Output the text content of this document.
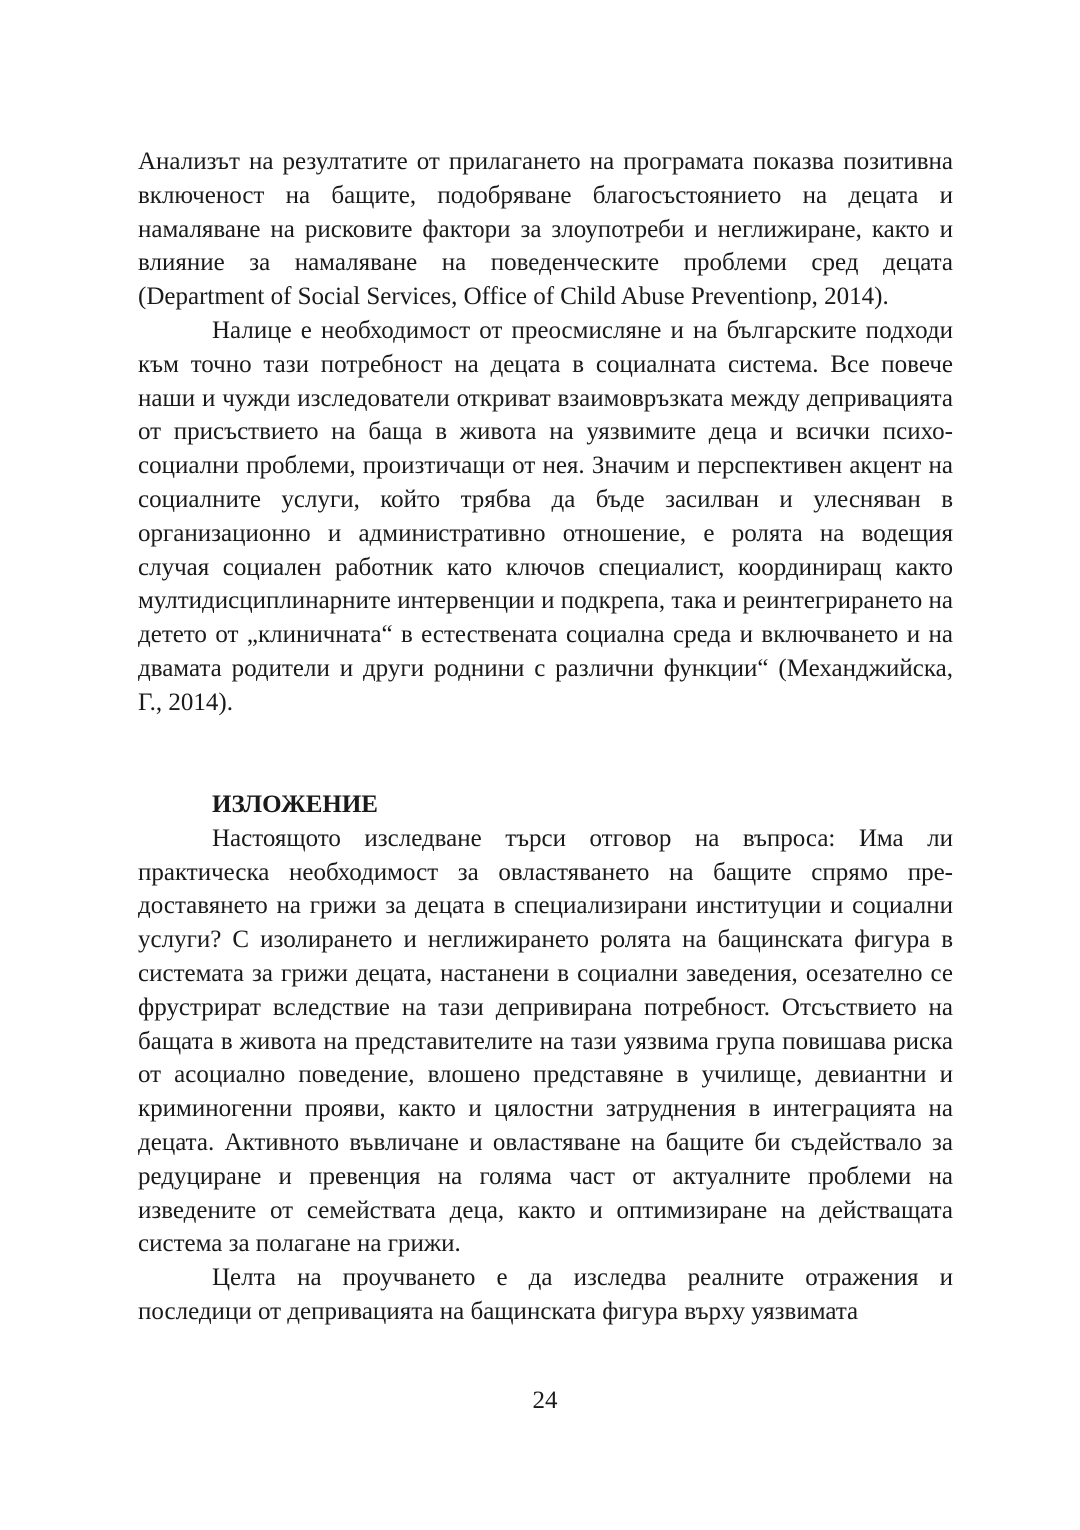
Анализът на резултатите от прилагането на програмата показва позитивна включеност на бащите, подобряване благосъстоянието на децата и намаляване на рисковите фактори за злоупотреби и неглижиране, както и влияние за намаляване на поведенческите проблеми сред децата (Department of Social Services, Office of Child Abuse Preventionp, 2014).

Налице е необходимост от преосмисляне и на българските подходи към точно тази потребност на децата в социалната система. Все повече наши и чужди изследователи откриват взаимовръзката между депривацията от присъствието на баща в живота на уязвимите деца и всички психо-социални проблеми, произтичащи от нея. Значим и перспективен акцент на социалните услуги, който трябва да бъде засилван и улесняван в организационно и административно отношение, е ролята на водещия случая социален работник като ключов специалист, координиращ както мултидисциплинарните интервенции и подкрепа, така и реинтегрирането на детето от „клиничната“ в естествената социална среда и включването и на двамата родители и други роднини с различни функции“ (Механджийска, Г., 2014).

ИЗЛОЖЕНИЕ

Настоящото изследване търси отговор на въпроса: Има ли практическа необходимост за овластяването на бащите спрямо предоставянето на грижи за децата в специализирани институции и социални услуги? С изолирането и неглижирането ролята на бащинската фигура в системата за грижи децата, настанени в социални заведения, осезателно се фрустрират вследствие на тази депривирана потребност. Отсъствието на бащата в живота на представителите на тази уязвима група повишава риска от асоциално поведение, влошено представяне в училище, девиантни и криминогенни прояви, както и цялостни затруднения в интеграцията на децата. Активното въвличане и овластяване на бащите би съдействало за редуциране и превенция на голяма част от актуалните проблеми на изведените от семействата деца, както и оптимизиране на действащата система за полагане на грижи.

Целта на проучването е да изследва реалните отражения и последици от депривацията на бащинската фигура върху уязвимата

24
